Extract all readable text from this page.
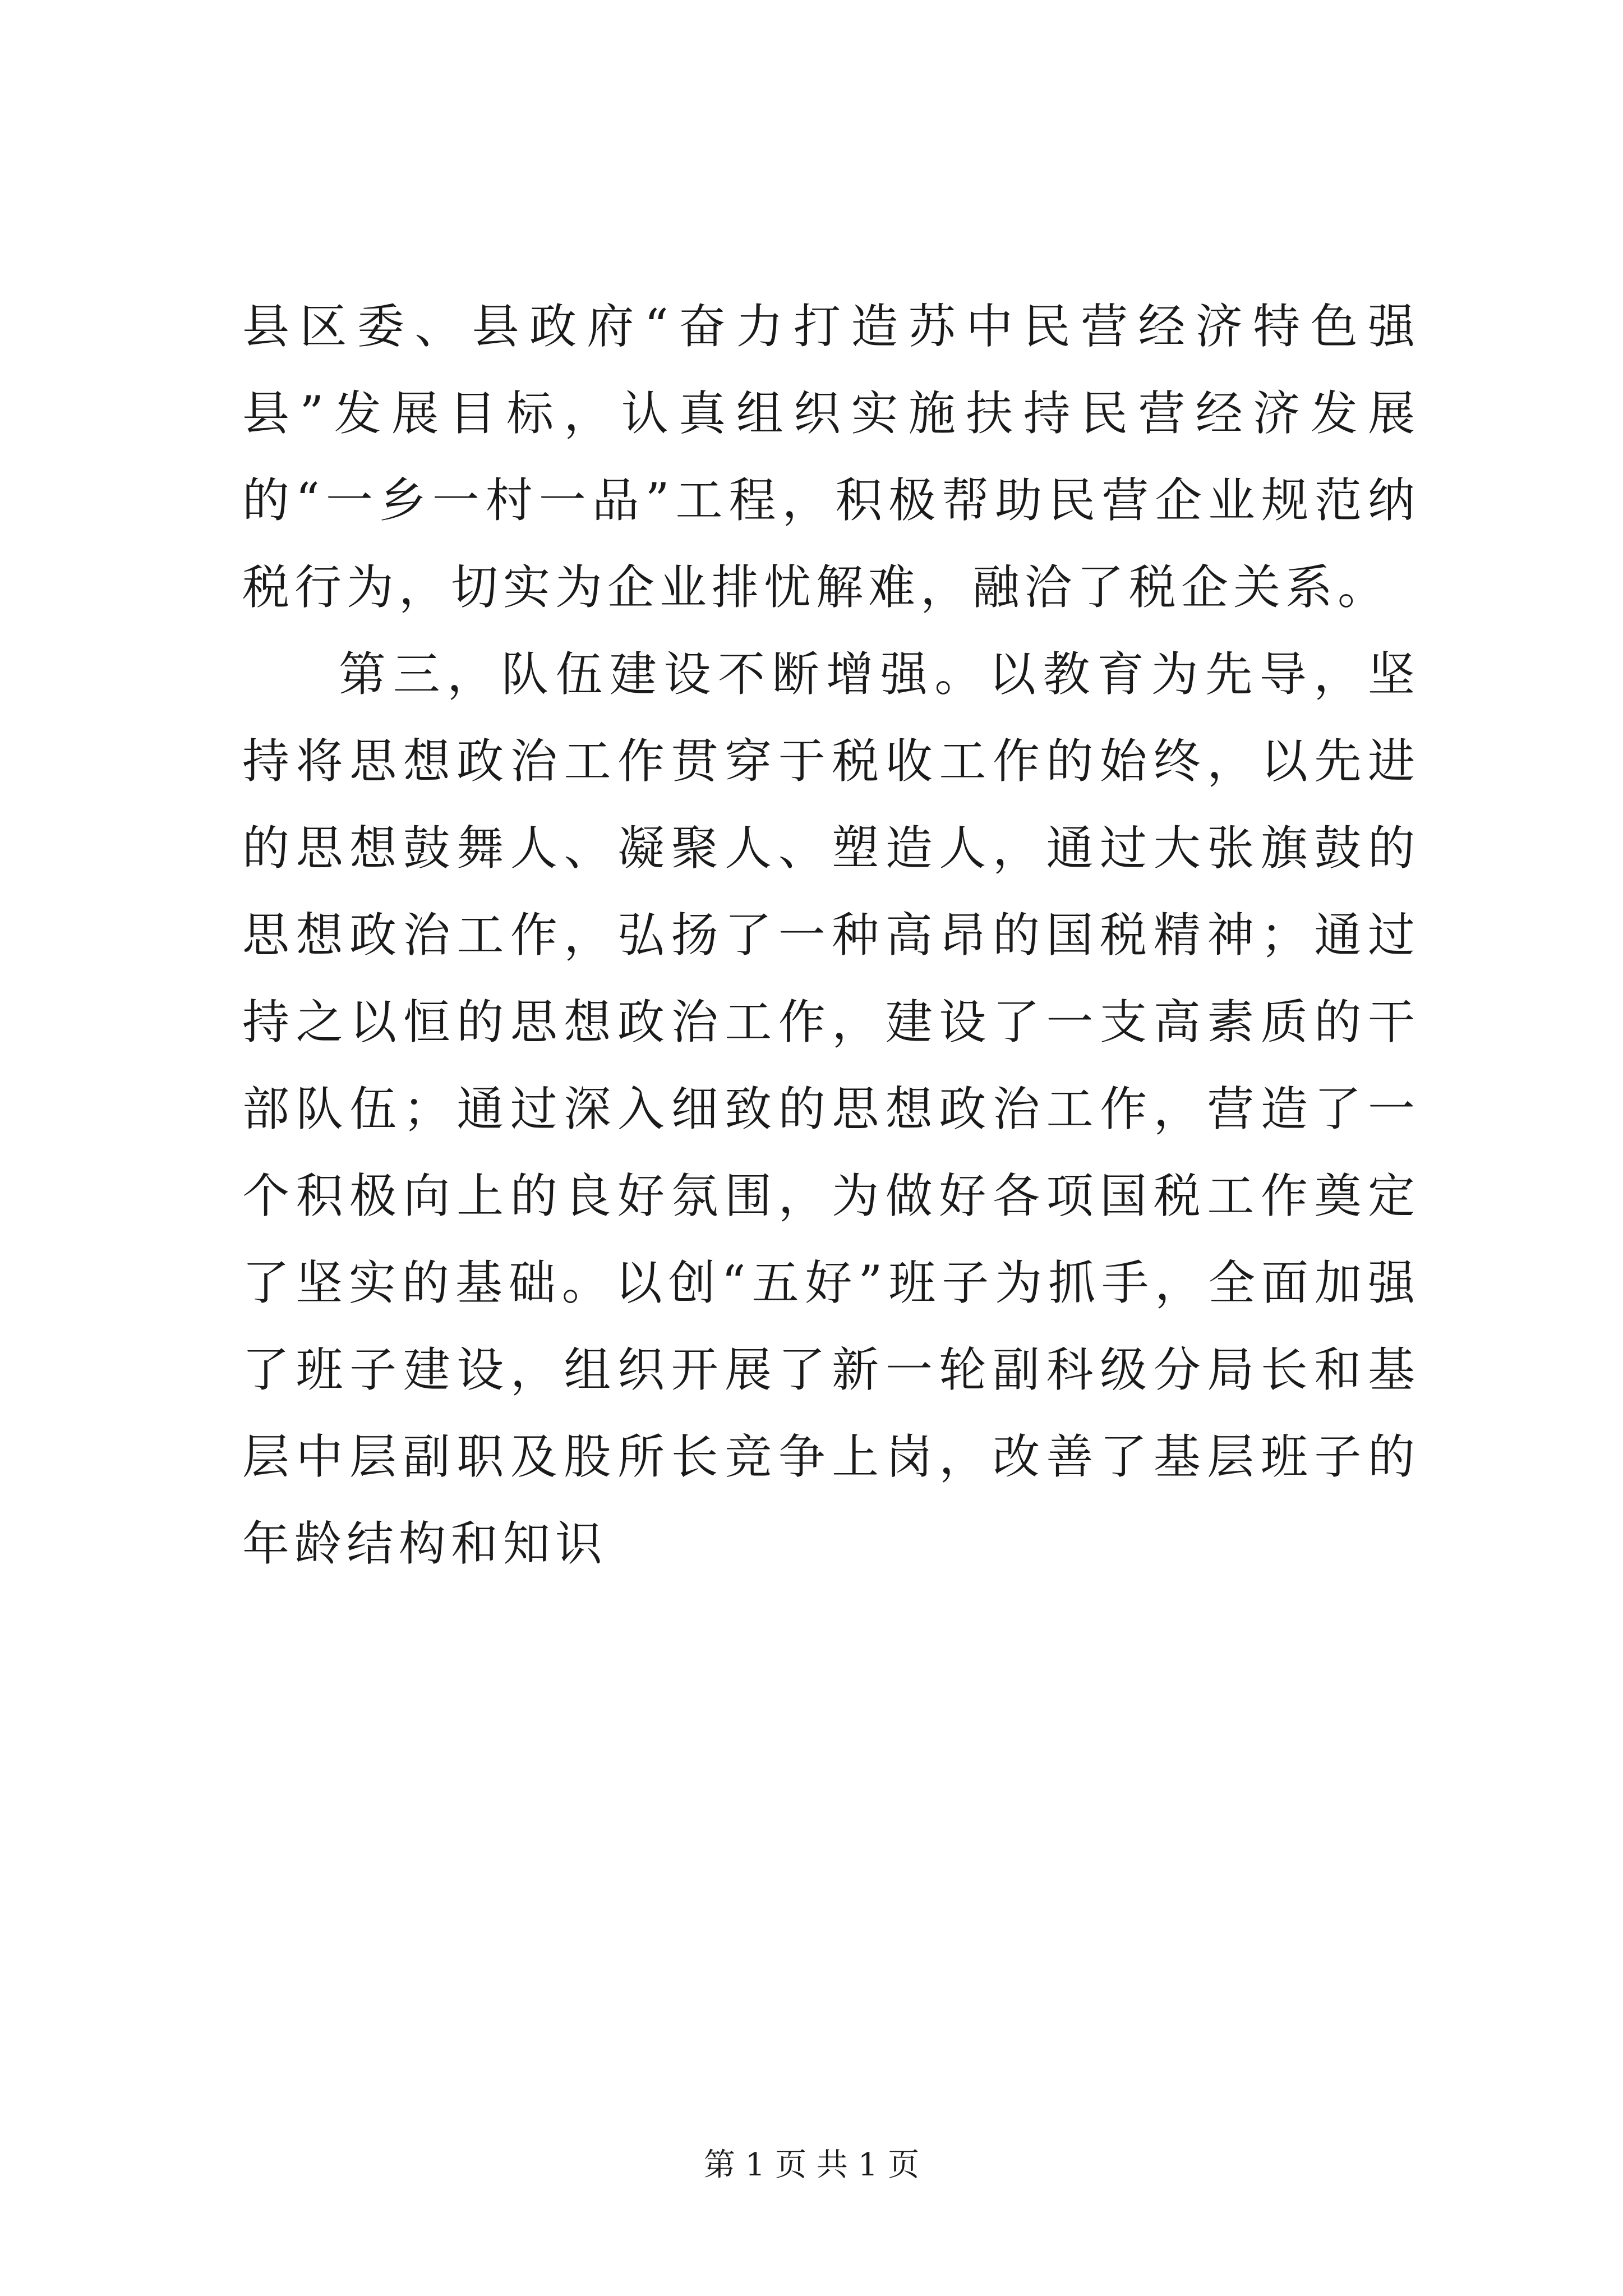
县区委、县政府“奋力打造苏中民营经济特色强县”发展目标，认真组织实施扶持民营经济发展的“一乡一村一品”工程，积极帮助民营企业规范纳税行为，切实为企业排忧解难，融洽了税企关系。

第三，队伍建设不断增强。以教育为先导，坚持将思想政治工作贯穿于税收工作的始终，以先进的思想鼓舞人、凝聚人、塑造人，通过大张旗鼓的思想政治工作，弘扬了一种高昂的国税精神；通过持之以恒的思想政治工作，建设了一支高素质的干部队伍；通过深入细致的思想政治工作，营造了一个积极向上的良好氛围，为做好各项国税工作奠定了坚实的基础。以创“五好”班子为抓手，全面加强了班子建设，组织开展了新一轮副科级分局长和基层中层副职及股所长竞争上岗，改善了基层班子的年龄结构和知识

第 1 页 共 1 页
